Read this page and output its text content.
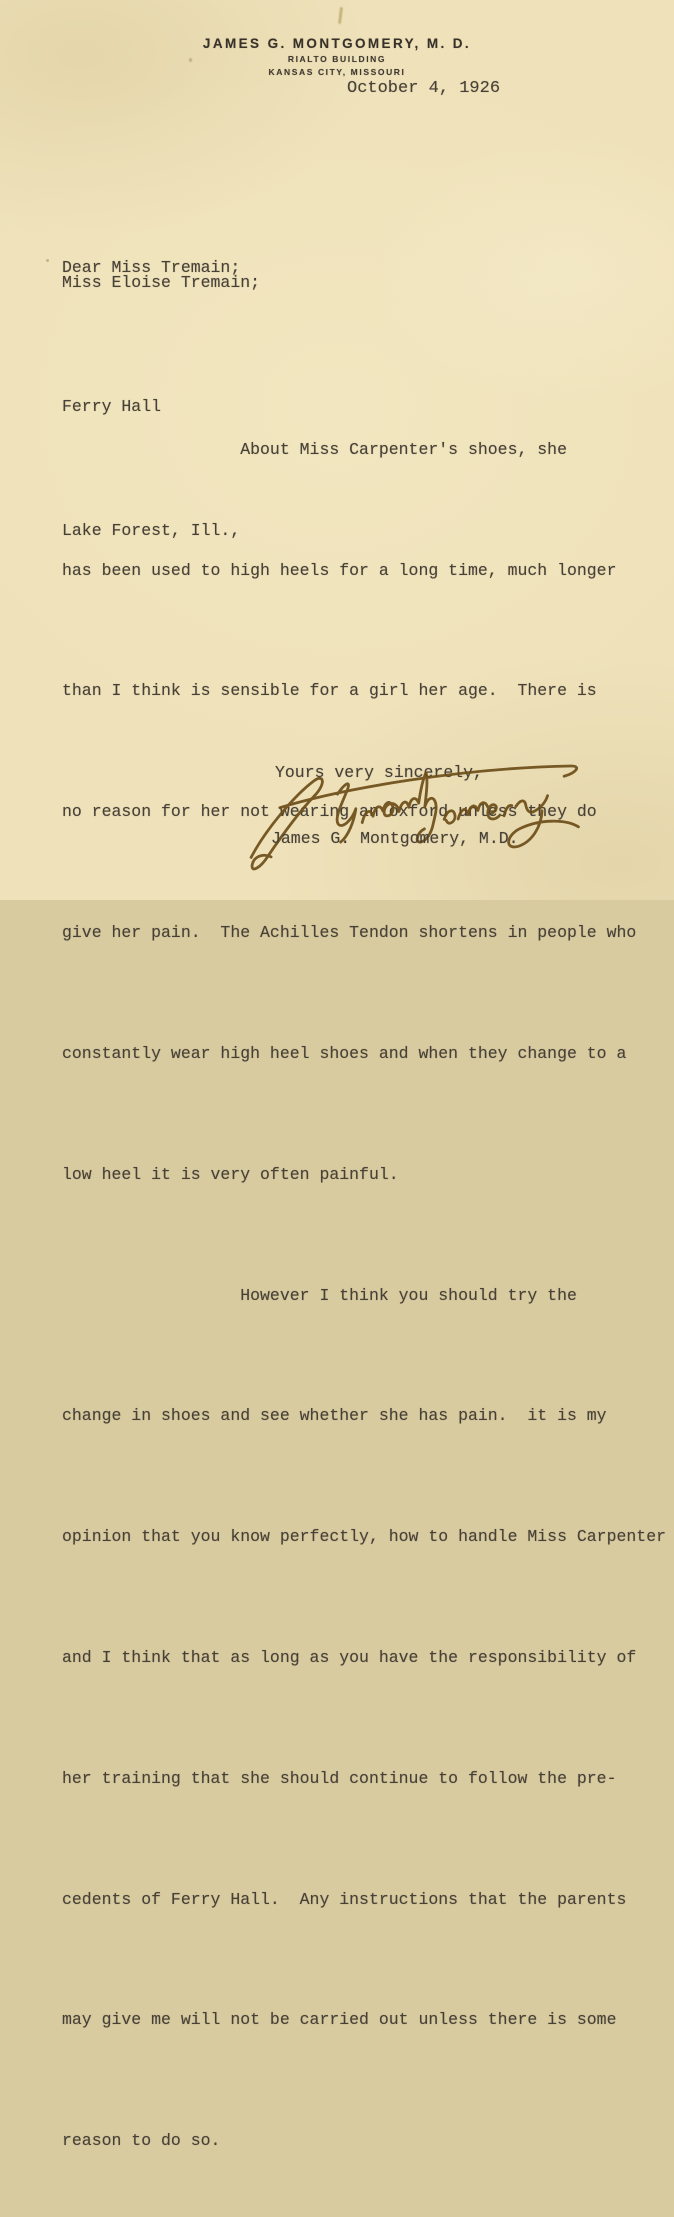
JAMES G. MONTGOMERY, M. D.
RIALTO BUILDING
KANSAS CITY, MISSOURI
October 4, 1926

Miss Eloise Tremain;

Ferry Hall

Lake Forest, Ill.,

Dear Miss Tremain;

About Miss Carpenter's shoes, she

has been used to high heels for a long time, much longer

than I think is sensible for a girl her age.  There is

no reason for her not wearing an oxford unless they do

give her pain.  The Achilles Tendon shortens in people who

constantly wear high heel shoes and when they change to a

low heel it is very often painful.

However I think you should try the

change in shoes and see whether she has pain.  it is my

opinion that you know perfectly, how to handle Miss Carpenter

and I think that as long as you have the responsibility of

her training that she should continue to follow the pre-

cedents of Ferry Hall.  Any instructions that the parents

may give me will not be carried out unless there is some

reason to do so.

Yours very sincerely,
James G. Montgomery, M.D.
